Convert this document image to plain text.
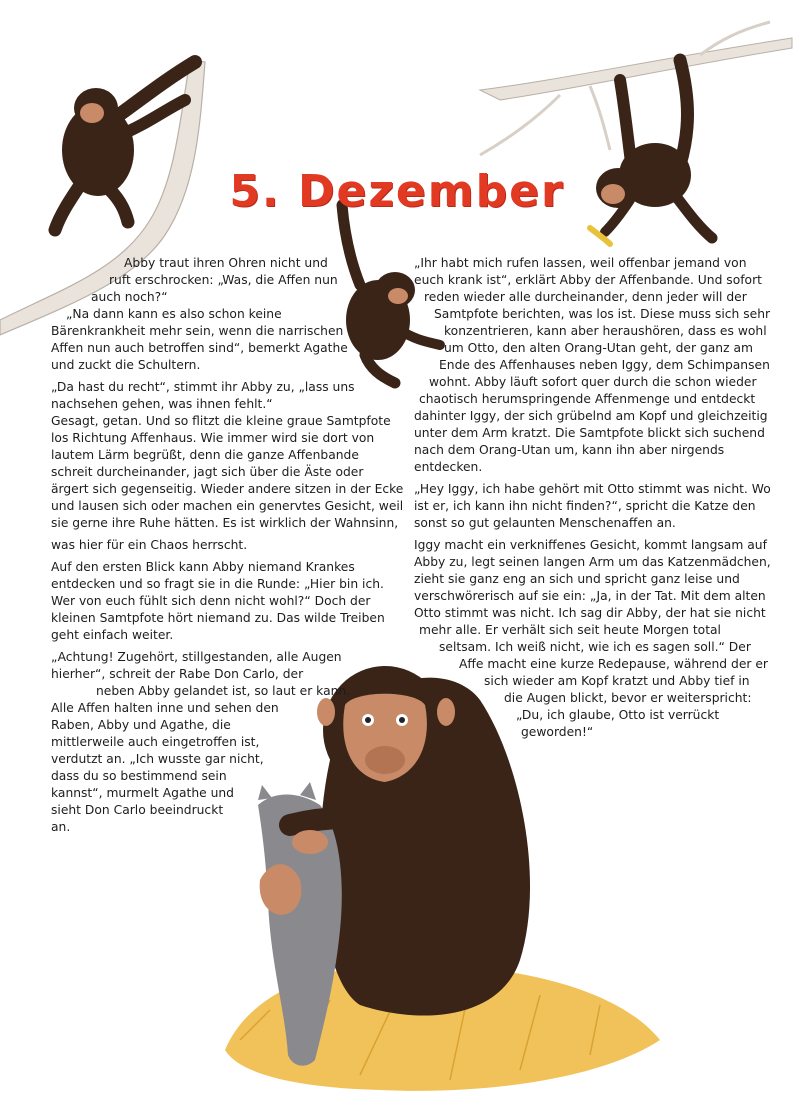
5. Dezember
Abby traut ihren Ohren nicht und
ruft erschrocken: „Was, die Affen nun
auch noch?“
„Na dann kann es also schon keine
Bärenkrankheit mehr sein, wenn die narrischen
Affen nun auch betroffen sind“, bemerkt Agathe
und zuckt die Schultern.
„Da hast du recht“, stimmt ihr Abby zu, „lass uns
nachsehen gehen, was ihnen fehlt.“
Gesagt, getan. Und so flitzt die kleine graue Samtpfote
los Richtung Affenhaus. Wie immer wird sie dort von
lautem Lärm begrüßt, denn die ganze Affenbande
schreit durcheinander, jagt sich über die Äste oder
ärgert sich gegenseitig. Wieder andere sitzen in der Ecke
und lausen sich oder machen ein genervtes Gesicht, weil
sie gerne ihre Ruhe hätten. Es ist wirklich der Wahnsinn,
was hier für ein Chaos herrscht.
Auf den ersten Blick kann Abby niemand Krankes
entdecken und so fragt sie in die Runde: „Hier bin ich.
Wer von euch fühlt sich denn nicht wohl?“ Doch der
kleinen Samtpfote hört niemand zu. Das wilde Treiben
geht einfach weiter.
„Achtung! Zugehört, stillgestanden, alle Augen
hierher“, schreit der Rabe Don Carlo, der
neben Abby gelandet ist, so laut er kann.
Alle Affen halten inne und sehen den
Raben, Abby und Agathe, die
mittlerweile auch eingetroffen ist,
verdutzt an. „Ich wusste gar nicht,
dass du so bestimmend sein
kannst“, murmelt Agathe und
sieht Don Carlo beeindruckt
an.
„Ihr habt mich rufen lassen, weil offenbar jemand von
euch krank ist“, erklärt Abby der Affenbande. Und sofort
reden wieder alle durcheinander, denn jeder will der
Samtpfote berichten, was los ist. Diese muss sich sehr
konzentrieren, kann aber heraushören, dass es wohl
um Otto, den alten Orang-Utan geht, der ganz am
Ende des Affenhauses neben Iggy, dem Schimpansen
wohnt. Abby läuft sofort quer durch die schon wieder
chaotisch herumspringende Affenmenge und entdeckt
dahinter Iggy, der sich grübelnd am Kopf und gleichzeitig
unter dem Arm kratzt. Die Samtpfote blickt sich suchend
nach dem Orang-Utan um, kann ihn aber nirgends
entdecken.
„Hey Iggy, ich habe gehört mit Otto stimmt was nicht. Wo
ist er, ich kann ihn nicht finden?“, spricht die Katze den
sonst so gut gelaunten Menschenaffen an.
Iggy macht ein verkniffenes Gesicht, kommt langsam auf
Abby zu, legt seinen langen Arm um das Katzenmädchen,
zieht sie ganz eng an sich und spricht ganz leise und
verschwörerisch auf sie ein: „Ja, in der Tat. Mit dem alten
Otto stimmt was nicht. Ich sag dir Abby, der hat sie nicht
mehr alle. Er verhält sich seit heute Morgen total
seltsam. Ich weiß nicht, wie ich es sagen soll.“ Der
Affe macht eine kurze Redepause, während der er
sich wieder am Kopf kratzt und Abby tief in
die Augen blickt, bevor er weiterspricht:
„Du, ich glaube, Otto ist verrückt
geworden!“
